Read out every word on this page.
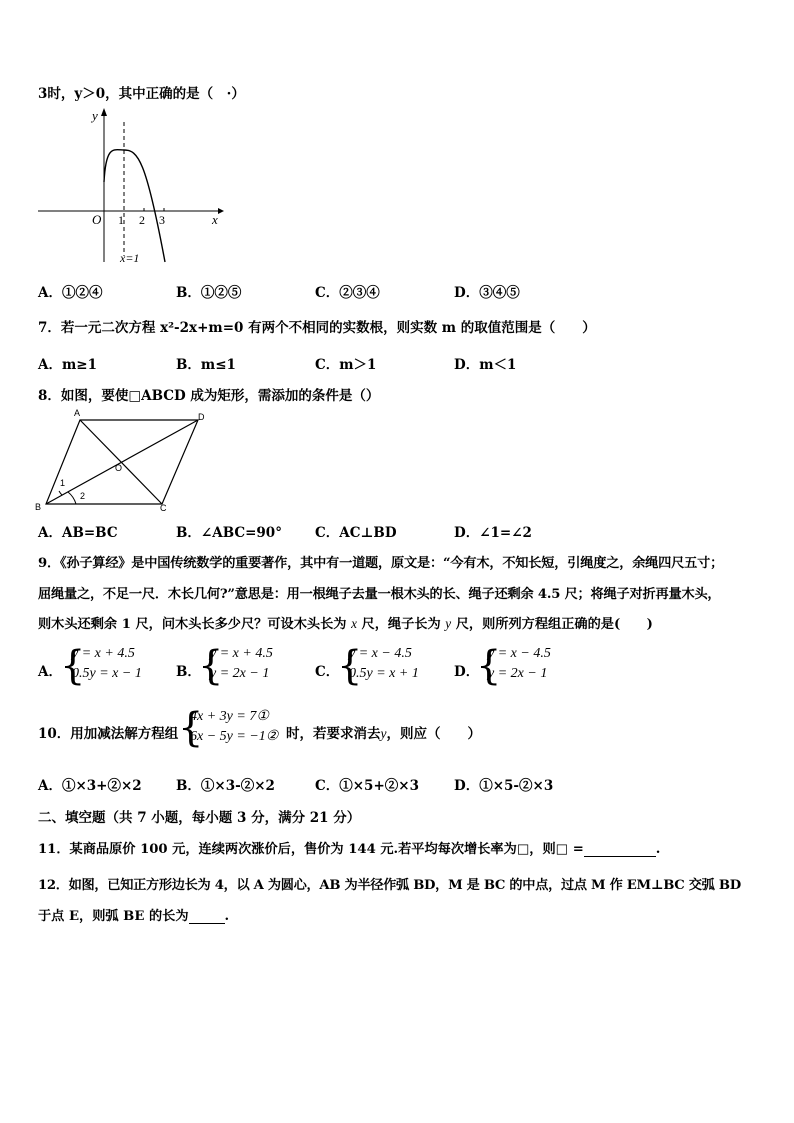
3时，y＞0，其中正确的是（　·）
y
x
O 1 2 3
x=1
A．①②④	B．①②⑤	C．②③④	D．③④⑤
7．若一元二次方程 x²-2x+m=0 有两个不相同的实数根，则实数 m 的取值范围是（　　）
A．m≥1	B．m≤1	C．m＞1	D．m＜1
8．如图，要使□ABCD 成为矩形，需添加的条件是（）
A
B	C
D
O
1
2
A．AB=BC	B．∠ABC=90° C．AC⊥BD	D．∠1=∠2
9．《孙子算经》是中国传统数学的重要著作，其中有一道题，原文是：“今有木，不知长短，引绳度之，余绳四尺五寸；
屈绳量之，不足一尺．木长几何?”意思是：用一根绳子去量一根木头的长、绳子还剩余 4.5 尺；将绳子对折再量木头，
则木头还剩余 1 尺，问木头长多少尺？可设木头长为 x 尺，绳子长为 y 尺，则所列方程组正确的是(　　)
A．
{
y = x + 4.5
0.5y = x − 1	B．
{
y = x + 4.5
y = 2x − 1	C．
{
y = x − 4.5
0.5y = x + 1	D．
{
y = x − 4.5
y = 2x − 1
10．用加减法解方程组 {
4x + 3y = 7①
6x − 5y = −1② 时，若要求消去y，则应（　　）
A．①×3+②×2	B．①×3-②×2	C．①×5+②×3	D．①×5-②×3
二、填空题（共 7 小题，每小题 3 分，满分 21 分）
11．某商品原价 100 元，连续两次涨价后，售价为 144 元.若平均每次增长率为□，则□ =	.
12．如图，已知正方形边长为 4，以 A 为圆心，AB 为半径作弧 BD，M 是 BC 的中点，过点 M 作 EM⊥BC 交弧 BD
于点 E，则弧 BE 的长为	.
